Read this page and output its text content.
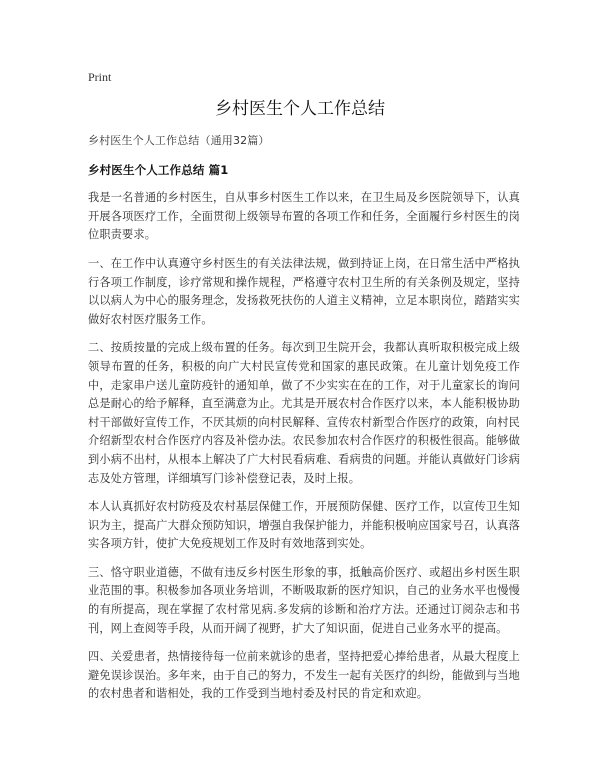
Print
乡村医生个人工作总结

乡村医生个人工作总结（通用32篇）

乡村医生个人工作总结 篇1

我是一名普通的乡村医生，自从事乡村医生工作以来，在卫生局及乡医院领导下，认真开展各项医疗工作，全面贯彻上级领导布置的各项工作和任务，全面履行乡村医生的岗位职责要求。

一、在工作中认真遵守乡村医生的有关法律法规，做到持证上岗，在日常生活中严格执行各项工作制度，诊疗常规和操作规程，严格遵守农村卫生所的有关条例及规定，坚持以以病人为中心的服务理念，发扬救死扶伤的人道主义精神，立足本职岗位，踏踏实实做好农村医疗服务工作。

二、按质按量的完成上级布置的任务。每次到卫生院开会，我都认真听取积极完成上级领导布置的任务，积极的向广大村民宣传党和国家的惠民政策。在儿童计划免疫工作中，走家串户送儿童防疫针的通知单，做了不少实实在在的工作，对于儿童家长的询问总是耐心的给予解释，直至满意为止。尤其是开展农村合作医疗以来，本人能积极协助村干部做好宣传工作，不厌其烦的向村民解释、宣传农村新型合作医疗的政策，向村民介绍新型农村合作医疗内容及补偿办法。农民参加农村合作医疗的积极性很高。能够做到小病不出村，从根本上解决了广大村民看病难、看病贵的问题。并能认真做好门诊病志及处方管理，详细填写门诊补偿登记表，及时上报。

本人认真抓好农村防疫及农村基层保健工作，开展预防保健、医疗工作，以宣传卫生知识为主，提高广大群众预防知识，增强自我保护能力，并能积极响应国家号召，认真落实各项方针，使扩大免疫规划工作及时有效地落到实处。

三、恪守职业道德，不做有违反乡村医生形象的事，抵触高价医疗、或超出乡村医生职业范围的事。积极参加各项业务培训，不断吸取新的医疗知识，自己的业务水平也慢慢的有所提高，现在掌握了农村常见病.多发病的诊断和治疗方法。还通过订阅杂志和书刊，网上查阅等手段，从而开阔了视野，扩大了知识面，促进自己业务水平的提高。

四、关爱患者，热情接待每一位前来就诊的患者，坚持把爱心捧给患者，从最大程度上避免误诊误治。多年来，由于自己的努力，不发生一起有关医疗的纠纷，能做到与当地的农村患者和谐相处，我的工作受到当地村委及村民的肯定和欢迎。
